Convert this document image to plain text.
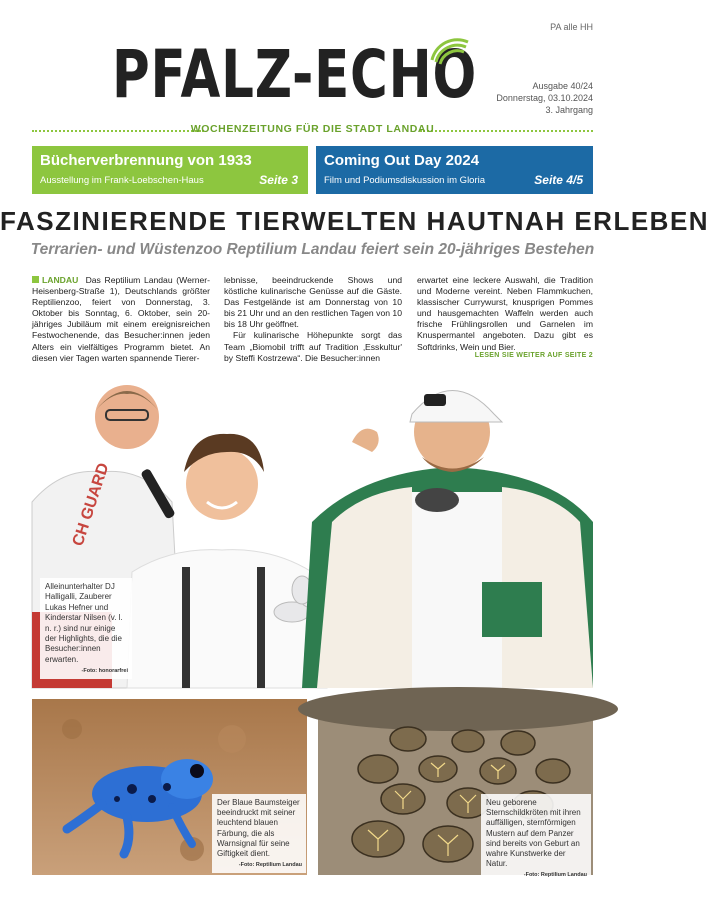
PA alle HH
PFALZ-ECHO	Ausgabe 40/24
Donnerstag, 03.10.2024
3. Jahrgang
WOCHENZEITUNG FÜR DIE STADT LANDAU
Bücherverbrennung von 1933
Ausstellung im Frank-Loebschen-Haus	Seite 3
Coming Out Day 2024
Film und Podiumsdiskussion im Gloria	Seite 4/5
FASZINIERENDE TIERWELTEN HAUTNAH ERLEBEN
Terrarien- und Wüstenzoo Reptilium Landau feiert sein 20-jähriges Bestehen

LANDAU Das Reptilium Landau (Werner-Heisenberg-Straße 1), Deutschlands größter Reptilienzoo, feiert von Donnerstag, 3. Oktober bis Sonntag, 6. Oktober, sein 20-jähriges Jubiläum mit einem ereignisreichen Festwochenende, das Besucher:innen jeden Alters ein vielfältiges Programm bietet. An diesen vier Tagen warten spannende Tierer-

lebnisse, beeindruckende Shows und köstliche kulinarische Genüsse auf die Gäste. Das Festgelände ist am Donnerstag von 10 bis 21 Uhr und an den restlichen Tagen von 10 bis 18 Uhr geöffnet.

Für kulinarische Höhepunkte sorgt das Team „Biomobil trifft auf Tradition ‚Esskultur' by Steffi Kostrzewa“. Die Besucher:innen

erwartet eine leckere Auswahl, die Tradition und Moderne vereint. Neben Flammkuchen, klassischer Currywurst, knusprigen Pommes und hausgemachten Waffeln werden auch frische Frühlingsrollen und Garnelen im Knuspermantel angeboten. Dazu gibt es Softdrinks, Wein und Bier.

LESEN SIE WEITER AUF SEITE 2
CH GUARD
Alleinunterhalter DJ Halligalli, Zauberer Lukas Hefner und Kinderstar Nilsen (v. l. n. r.) sind nur einige der Highlights, die die Besucher:innen erwarten.
-Foto: honorarfrei
Der Blaue Baumsteiger beeindruckt mit seiner leuchtend blauen Färbung, die als Warnsignal für seine Giftigkeit dient.
-Foto: Reptilium Landau
Neu geborene Sternschildkröten mit ihren auffälligen, sternförmigen Mustern auf dem Panzer sind bereits von Geburt an wahre Kunstwerke der Natur.
-Foto: Reptilium Landau
